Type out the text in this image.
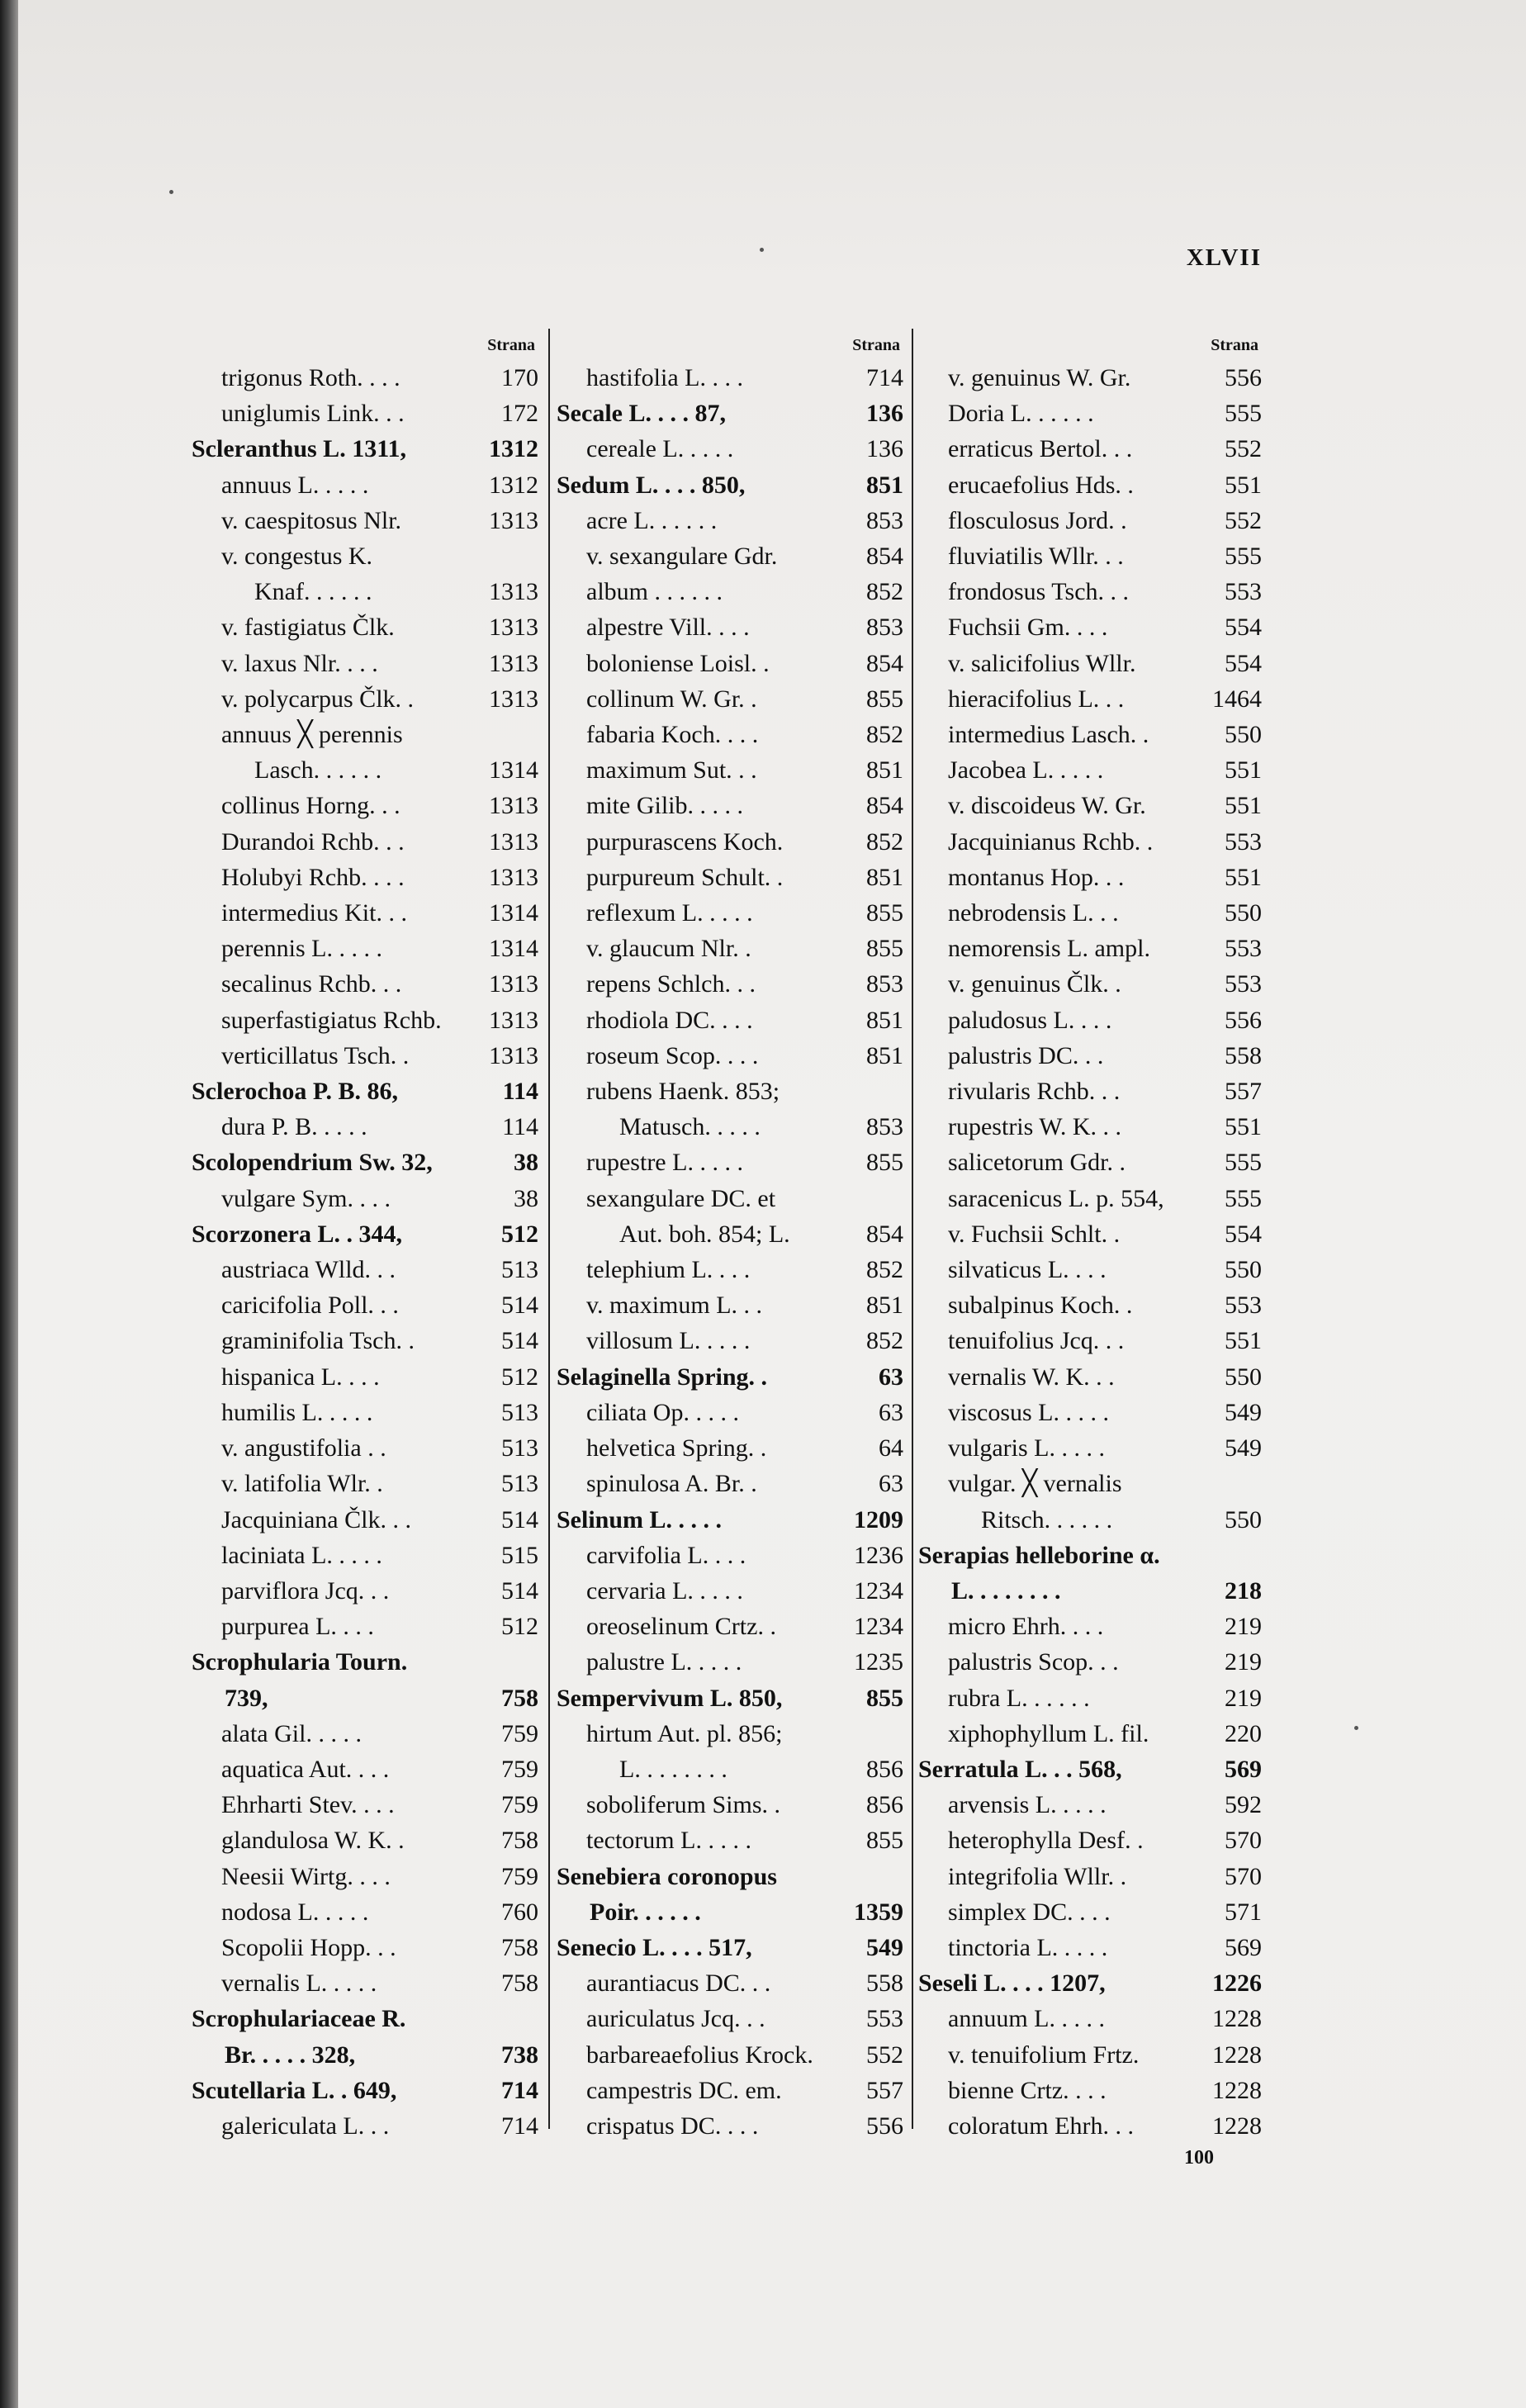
XLVII
Strana
trigonus Roth. . . .	170
uniglumis Link. . .	172
Scleranthus L. 1311,	1312
annuus L. . . . .	1312
v. caespitosus Nlr.	1313
v. congestus K.
Knaf. . . . . .	1313
v. fastigiatus Člk.	1313
v. laxus Nlr. . . .	1313
v. polycarpus Člk. .	1313
annuus ╳ perennis
Lasch. . . . . .	1314
collinus Horng. . .	1313
Durandoi Rchb. . .	1313
Holubyi Rchb. . . .	1313
intermedius Kit. . .	1314
perennis L. . . . .	1314
secalinus Rchb. . .	1313
superfastigiatus Rchb. 1313
verticillatus Tsch. .	1313
Sclerochoa P. B. 86,	114
dura P. B. . . . .	114
Scolopendrium Sw. 32,	38
vulgare Sym. . . .	38
Scorzonera L. . 344,	512
austriaca Wlld. . .	513
caricifolia Poll. . .	514
graminifolia Tsch. .	514
hispanica L. . . .	512
humilis L. . . . .	513
v. angustifolia . .	513
v. latifolia Wlr. .	513
Jacquiniana Člk. . .	514
laciniata L. . . . .	515
parviflora Jcq. . .	514
purpurea L. . . .	512
Scrophularia Tourn.
739,	758
alata Gil. . . . .	759
aquatica Aut. . . .	759
Ehrharti Stev. . . .	759
glandulosa W. K. .	758
Neesii Wirtg. . . .	759
nodosa L. . . . .	760
Scopolii Hopp. . .	758
vernalis L. . . . .	758
Scrophulariaceae R.
Br. . . . . 328,	738
Scutellaria L. . 649,	714
galericulata L. . .	714
Strana
hastifolia L. . . .	714
Secale L. . . . 87,	136
cereale L. . . . .	136
Sedum L. . . . 850,	851
acre L. . . . . .	853
v. sexangulare Gdr.	854
album . . . . . .	852
alpestre Vill. . . .	853
boloniense Loisl. .	854
collinum W. Gr. .	855
fabaria Koch. . . .	852
maximum Sut. . .	851
mite Gilib. . . . .	854
purpurascens Koch.	852
purpureum Schult. .	851
reflexum L. . . . .	855
v. glaucum Nlr. .	855
repens Schlch. . .	853
rhodiola DC. . . .	851
roseum Scop. . . .	851
rubens Haenk. 853;
Matusch. . . . .	853
rupestre L. . . . .	855
sexangulare DC. et
Aut. boh. 854; L.	854
telephium L. . . .	852
v. maximum L. . .	851
villosum L. . . . .	852
Selaginella Spring. .	63
ciliata Op. . . . .	63
helvetica Spring. .	64
spinulosa A. Br. .	63
Selinum L. . . . .	1209
carvifolia L. . . .	1236
cervaria L. . . . .	1234
oreoselinum Crtz. .	1234
palustre L. . . . .	1235
Sempervivum L. 850,	855
hirtum Aut. pl. 856;
L. . . . . . . .	856
soboliferum Sims. .	856
tectorum L. . . . .	855
Senebiera coronopus
Poir. . . . . .	1359
Senecio L. . . . 517,	549
aurantiacus DC. . .	558
auriculatus Jcq. . .	553
barbareaefolius Krock. 552
campestris DC. em.	557
crispatus DC. . . .	556
Strana
v. genuinus W. Gr.	556
Doria L. . . . . .	555
erraticus Bertol. . .	552
erucaefolius Hds. .	551
flosculosus Jord. .	552
fluviatilis Wllr. . .	555
frondosus Tsch. . .	553
Fuchsii Gm. . . .	554
v. salicifolius Wllr.	554
hieracifolius L. . .	1464
intermedius Lasch. .	550
Jacobea L. . . . .	551
v. discoideus W. Gr.	551
Jacquinianus Rchb. .	553
montanus Hop. . .	551
nebrodensis L. . .	550
nemorensis L. ampl.	553
v. genuinus Člk. .	553
paludosus L. . . .	556
palustris DC. . .	558
rivularis Rchb. . .	557
rupestris W. K. . .	551
salicetorum Gdr. .	555
saracenicus L. p. 554, 555
v. Fuchsii Schlt. .	554
silvaticus L. . . .	550
subalpinus Koch. .	553
tenuifolius Jcq. . .	551
vernalis W. K. . .	550
viscosus L. . . . .	549
vulgaris L. . . . .	549
vulgar. ╳ vernalis
Ritsch. . . . . .	550
Serapias helleborine α.
L. . . . . . . .	218
micro Ehrh. . . .	219
palustris Scop. . .	219
rubra L. . . . . .	219
xiphophyllum L. fil.	220
Serratula L. . . 568,	569
arvensis L. . . . .	592
heterophylla Desf. .	570
integrifolia Wllr. .	570
simplex DC. . . .	571
tinctoria L. . . . .	569
Seseli L. . . . 1207,	1226
annuum L. . . . .	1228
v. tenuifolium Frtz.	1228
bienne Crtz. . . .	1228
coloratum Ehrh. . .	1228
100
